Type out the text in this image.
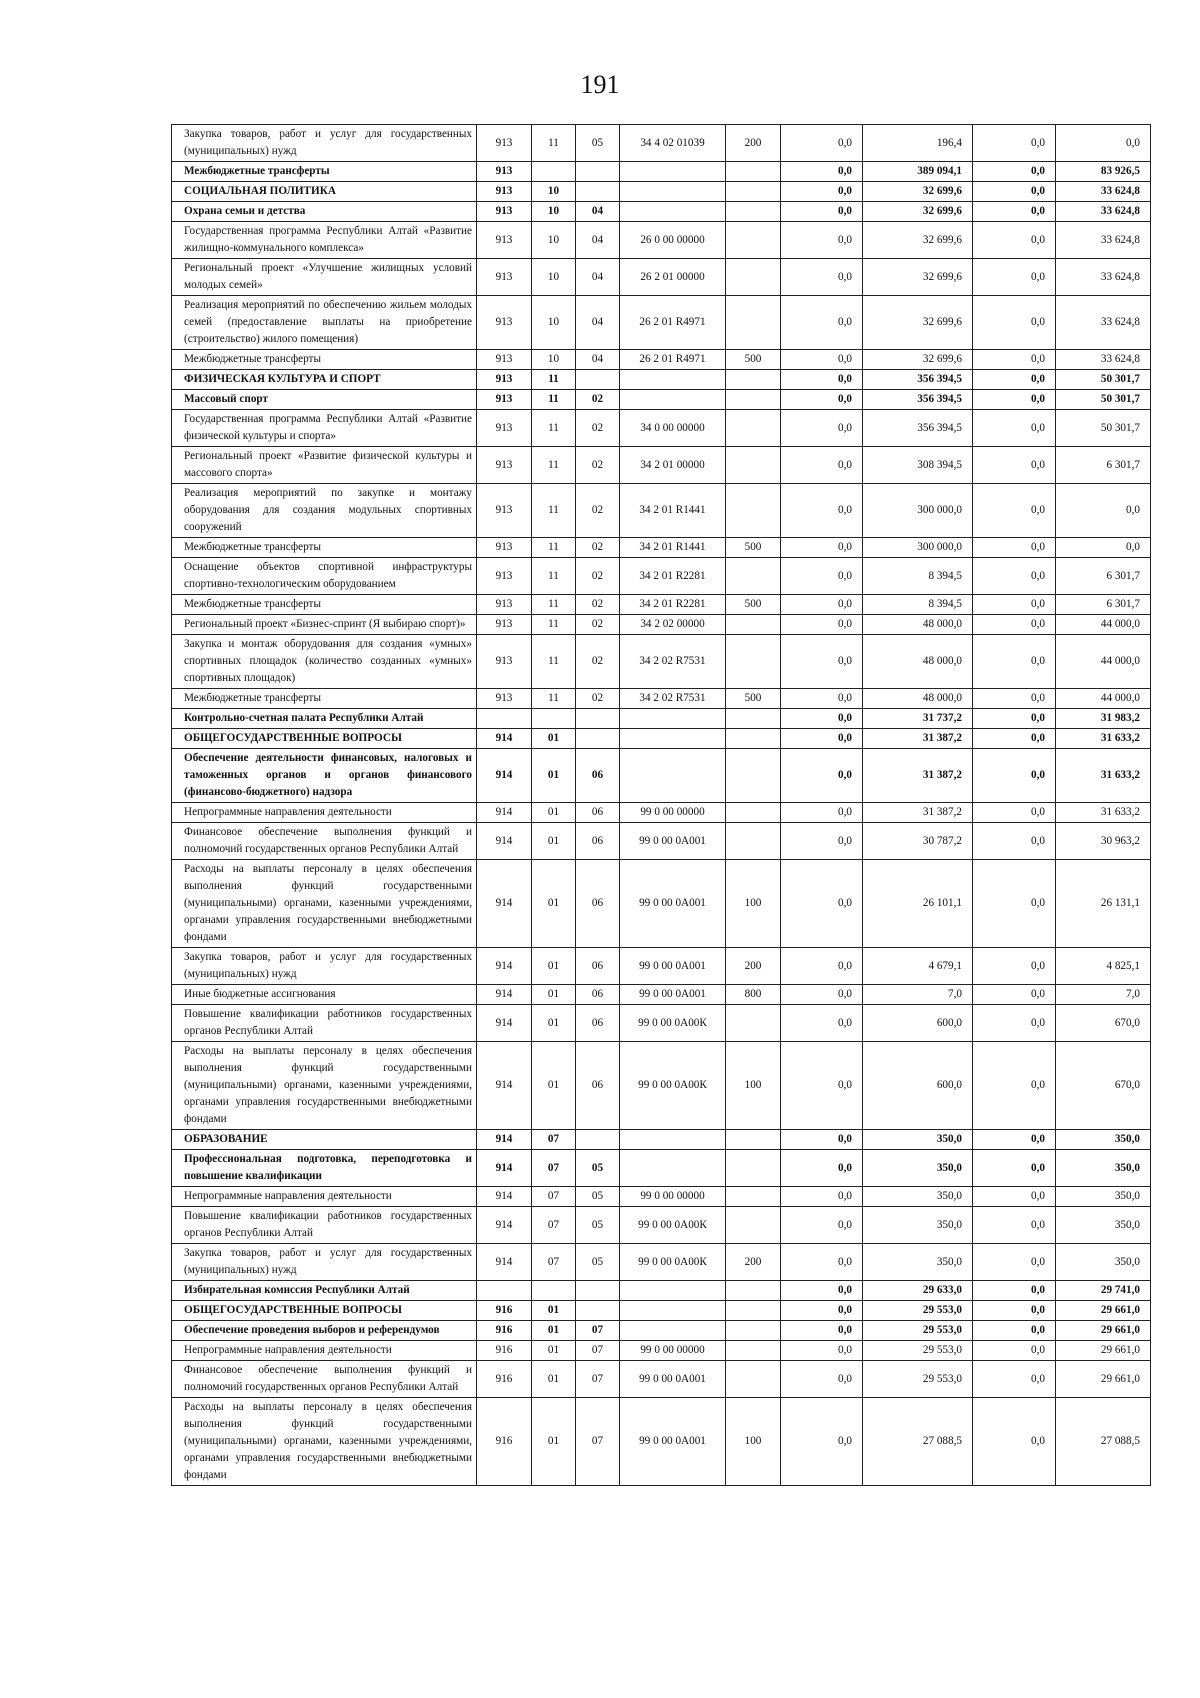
191
Закупка товаров, работ и услуг для государственных (муниципальных) нужд	913	11	05	34 4 02 01039	200	0,0	196,4	0,0	0,0
Межбюджетные трансферты	913					0,0	389 094,1	0,0	83 926,5
СОЦИАЛЬНАЯ ПОЛИТИКА	913	10				0,0	32 699,6	0,0	33 624,8
Охрана семьи и детства	913	10	04			0,0	32 699,6	0,0	33 624,8
Государственная программа Республики Алтай «Развитие жилищно-коммунального комплекса»	913	10	04	26 0 00 00000		0,0	32 699,6	0,0	33 624,8
Региональный проект «Улучшение жилищных условий молодых семей»	913	10	04	26 2 01 00000		0,0	32 699,6	0,0	33 624,8
Реализация мероприятий по обеспечению жильем молодых семей (предоставление выплаты на приобретение (строительство) жилого помещения)	913	10	04	26 2 01 R4971		0,0	32 699,6	0,0	33 624,8
Межбюджетные трансферты	913	10	04	26 2 01 R4971	500	0,0	32 699,6	0,0	33 624,8
ФИЗИЧЕСКАЯ КУЛЬТУРА И СПОРТ	913	11				0,0	356 394,5	0,0	50 301,7
Массовый спорт	913	11	02			0,0	356 394,5	0,0	50 301,7
Государственная программа Республики Алтай «Развитие физической культуры и спорта»	913	11	02	34 0 00 00000		0,0	356 394,5	0,0	50 301,7
Региональный проект «Развитие физической культуры и массового спорта»	913	11	02	34 2 01 00000		0,0	308 394,5	0,0	6 301,7
Реализация мероприятий по закупке и монтажу оборудования для создания модульных спортивных сооружений	913	11	02	34 2 01 R1441		0,0	300 000,0	0,0	0,0
Межбюджетные трансферты	913	11	02	34 2 01 R1441	500	0,0	300 000,0	0,0	0,0
Оснащение объектов спортивной инфраструктуры спортивно-технологическим оборудованием	913	11	02	34 2 01 R2281		0,0	8 394,5	0,0	6 301,7
Межбюджетные трансферты	913	11	02	34 2 01 R2281	500	0,0	8 394,5	0,0	6 301,7
Региональный проект «Бизнес-спринт (Я выбираю спорт)»	913	11	02	34 2 02 00000		0,0	48 000,0	0,0	44 000,0
Закупка и монтаж оборудования для создания «умных» спортивных площадок (количество созданных «умных» спортивных площадок)	913	11	02	34 2 02 R7531		0,0	48 000,0	0,0	44 000,0
Межбюджетные трансферты	913	11	02	34 2 02 R7531	500	0,0	48 000,0	0,0	44 000,0
Контрольно-счетная палата Республики Алтай						0,0	31 737,2	0,0	31 983,2
ОБЩЕГОСУДАРСТВЕННЫЕ ВОПРОСЫ	914	01				0,0	31 387,2	0,0	31 633,2
Обеспечение деятельности финансовых, налоговых и таможенных органов и органов финансового (финансово-бюджетного) надзора	914	01	06			0,0	31 387,2	0,0	31 633,2
Непрограммные направления деятельности	914	01	06	99 0 00 00000		0,0	31 387,2	0,0	31 633,2
Финансовое обеспечение выполнения функций и полномочий государственных органов Республики Алтай	914	01	06	99 0 00 0А001		0,0	30 787,2	0,0	30 963,2
Расходы на выплаты персоналу в целях обеспечения выполнения функций государственными (муниципальными) органами, казенными учреждениями, органами управления государственными внебюджетными фондами	914	01	06	99 0 00 0А001	100	0,0	26 101,1	0,0	26 131,1
Закупка товаров, работ и услуг для государственных (муниципальных) нужд	914	01	06	99 0 00 0А001	200	0,0	4 679,1	0,0	4 825,1
Иные бюджетные ассигнования	914	01	06	99 0 00 0А001	800	0,0	7,0	0,0	7,0
Повышение квалификации работников государственных органов Республики Алтай	914	01	06	99 0 00 0А00К		0,0	600,0	0,0	670,0
Расходы на выплаты персоналу в целях обеспечения выполнения функций государственными (муниципальными) органами, казенными учреждениями, органами управления государственными внебюджетными фондами	914	01	06	99 0 00 0А00К	100	0,0	600,0	0,0	670,0
ОБРАЗОВАНИЕ	914	07				0,0	350,0	0,0	350,0
Профессиональная подготовка, переподготовка и повышение квалификации	914	07	05			0,0	350,0	0,0	350,0
Непрограммные направления деятельности	914	07	05	99 0 00 00000		0,0	350,0	0,0	350,0
Повышение квалификации работников государственных органов Республики Алтай	914	07	05	99 0 00 0А00К		0,0	350,0	0,0	350,0
Закупка товаров, работ и услуг для государственных (муниципальных) нужд	914	07	05	99 0 00 0А00К	200	0,0	350,0	0,0	350,0
Избирательная комиссия Республики Алтай						0,0	29 633,0	0,0	29 741,0
ОБЩЕГОСУДАРСТВЕННЫЕ ВОПРОСЫ	916	01				0,0	29 553,0	0,0	29 661,0
Обеспечение проведения выборов и референдумов	916	01	07			0,0	29 553,0	0,0	29 661,0
Непрограммные направления деятельности	916	01	07	99 0 00 00000		0,0	29 553,0	0,0	29 661,0
Финансовое обеспечение выполнения функций и полномочий государственных органов Республики Алтай	916	01	07	99 0 00 0А001		0,0	29 553,0	0,0	29 661,0
Расходы на выплаты персоналу в целях обеспечения выполнения функций государственными (муниципальными) органами, казенными учреждениями, органами управления государственными внебюджетными фондами	916	01	07	99 0 00 0А001	100	0,0	27 088,5	0,0	27 088,5
